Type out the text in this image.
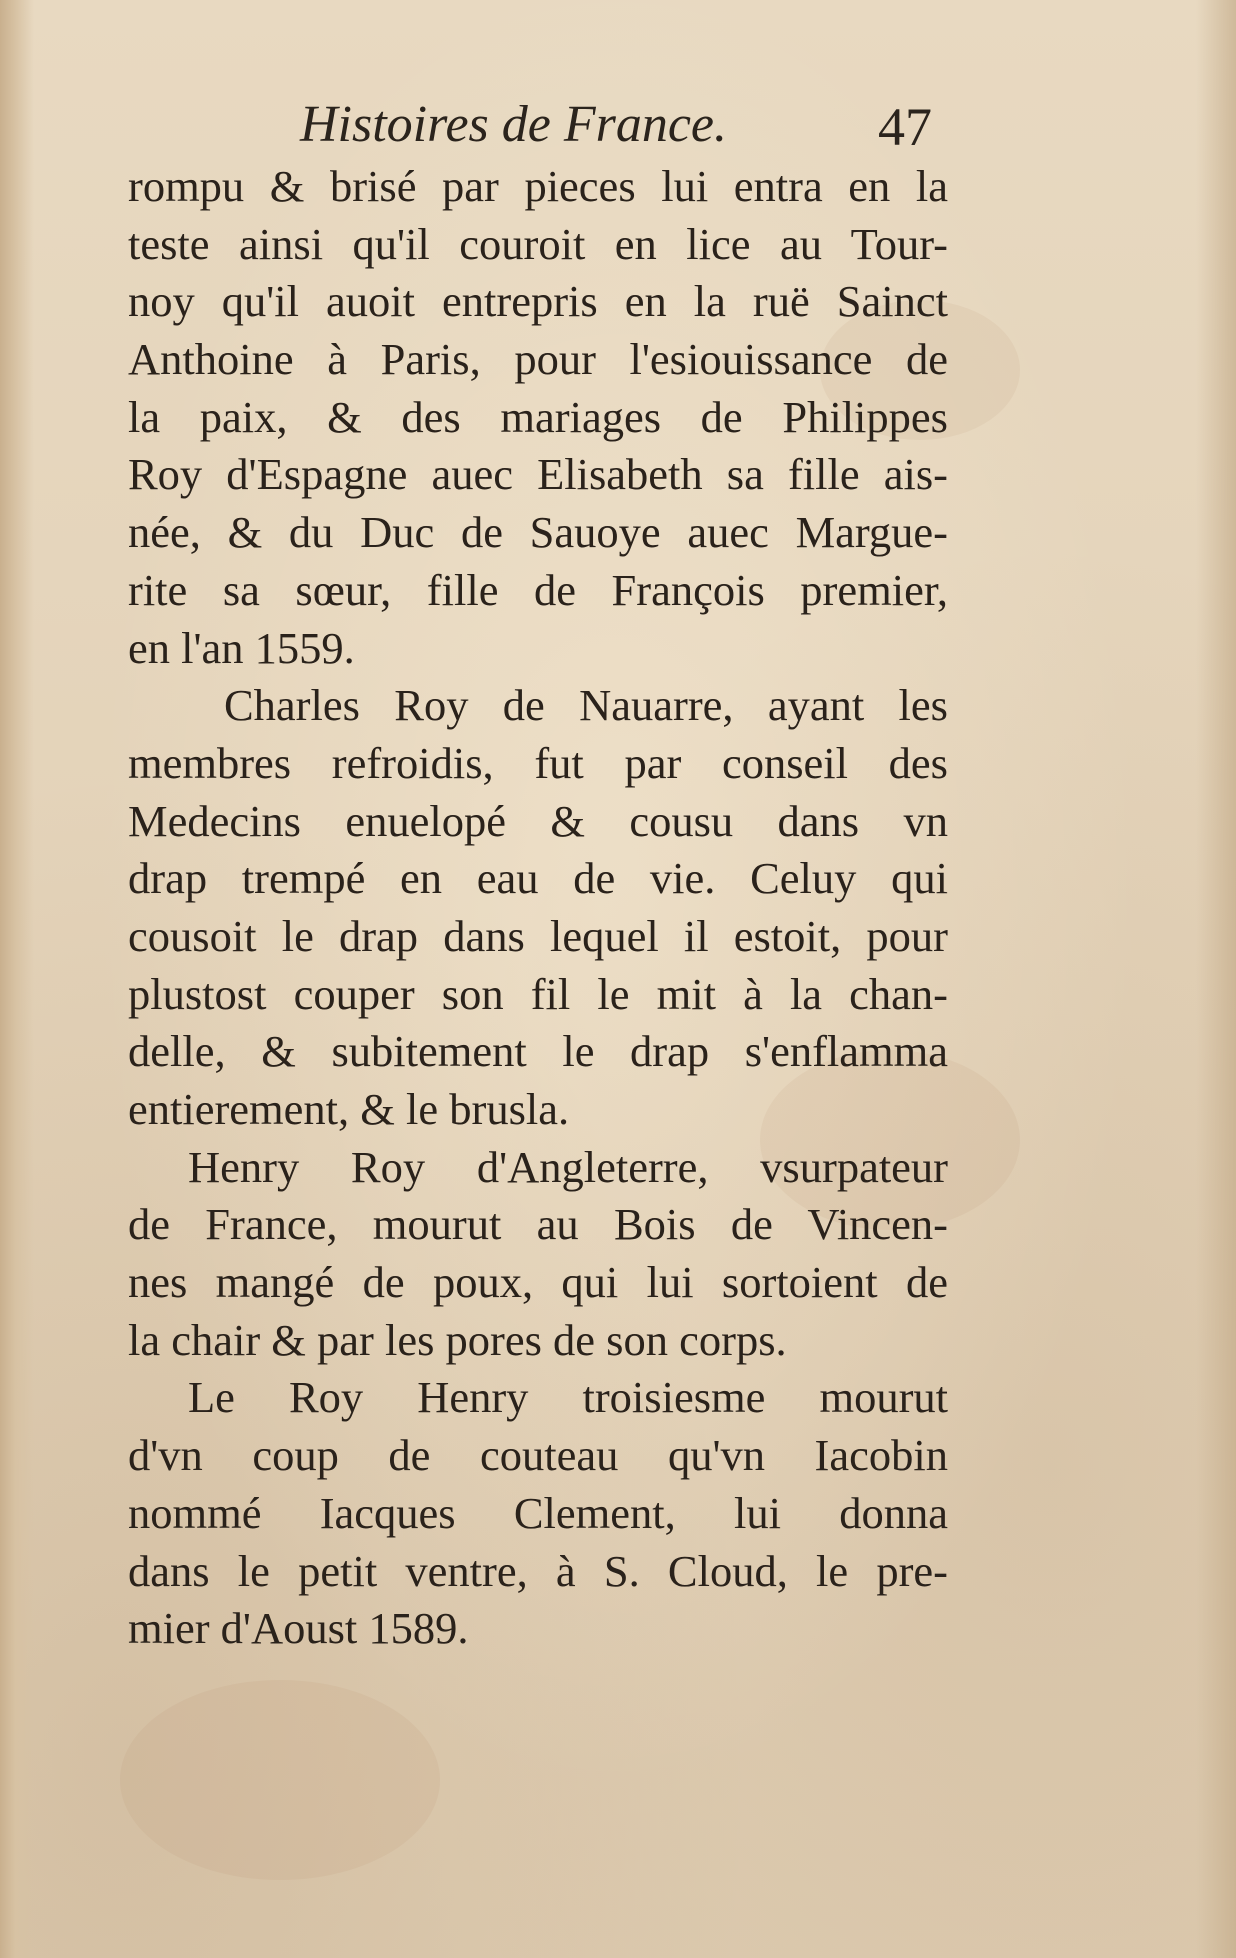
Histoires de France.	47
rompu & brisé par pieces lui entra en la
teste ainsi qu'il couroit en lice au Tour-
noy qu'il auoit entrepris en la ruë Sainct
Anthoine à Paris, pour l'esiouissance de
la paix, & des mariages de Philippes
Roy d'Espagne auec Elisabeth sa fille ais-
née, & du Duc de Sauoye auec Margue-
rite sa sœur, fille de François premier,
en l'an 1559.
Charles Roy de Nauarre, ayant les
membres refroidis, fut par conseil des
Medecins enuelopé & cousu dans vn
drap trempé en eau de vie. Celuy qui
cousoit le drap dans lequel il estoit, pour
plustost couper son fil le mit à la chan-
delle, & subitement le drap s'enflamma
entierement, & le brusla.
Henry Roy d'Angleterre, vsurpateur
de France, mourut au Bois de Vincen-
nes mangé de poux, qui lui sortoient de
la chair & par les pores de son corps.
Le Roy Henry troisiesme mourut
d'vn coup de couteau qu'vn Iacobin
nommé Iacques Clement, lui donna
dans le petit ventre, à S. Cloud, le pre-
mier d'Aoust 1589.
